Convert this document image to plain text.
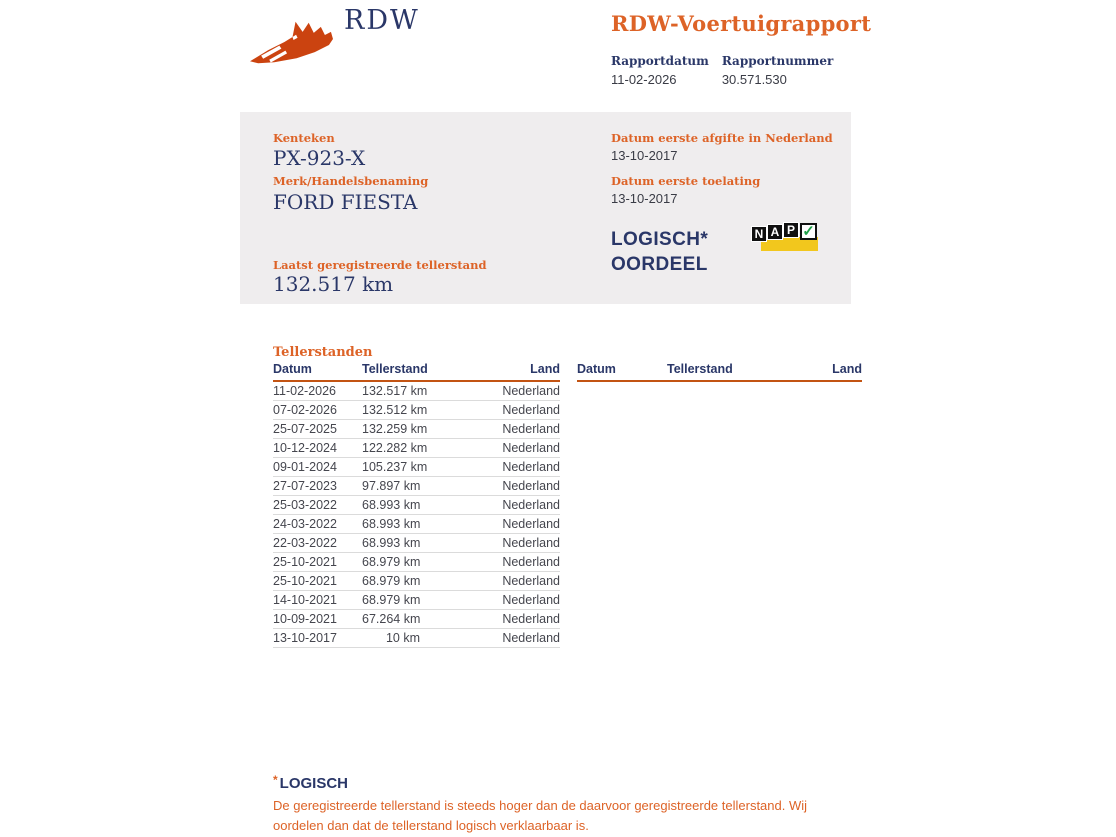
RDW	RDW-Voertuigrapport
Rapportdatum
11-02-2026
Rapportnummer
30.571.530
Kenteken
PX-923-X
Merk/Handelsbenaming
FORD FIESTA
Laatst geregistreerde tellerstand
132.517 km
Datum eerste afgifte in Nederland
13-10-2017
Datum eerste toelating
13-10-2017
LOGISCH*
OORDEEL
N A P ✓
Tellerstanden
Datum	Tellerstand	Land
11-02-2026	132.517 km	Nederland
07-02-2026	132.512 km	Nederland
25-07-2025	132.259 km	Nederland
10-12-2024	122.282 km	Nederland
09-01-2024	105.237 km	Nederland
27-07-2023	97.897 km	Nederland
25-03-2022	68.993 km	Nederland
24-03-2022	68.993 km	Nederland
22-03-2022	68.993 km	Nederland
25-10-2021	68.979 km	Nederland
25-10-2021	68.979 km	Nederland
14-10-2021	68.979 km	Nederland
10-09-2021	67.264 km	Nederland
13-10-2017	10 km	Nederland
Datum	Tellerstand	Land
* LOGISCH
De geregistreerde tellerstand is steeds hoger dan de daarvoor geregistreerde tellerstand. Wij oordelen dan dat de tellerstand logisch verklaarbaar is.
